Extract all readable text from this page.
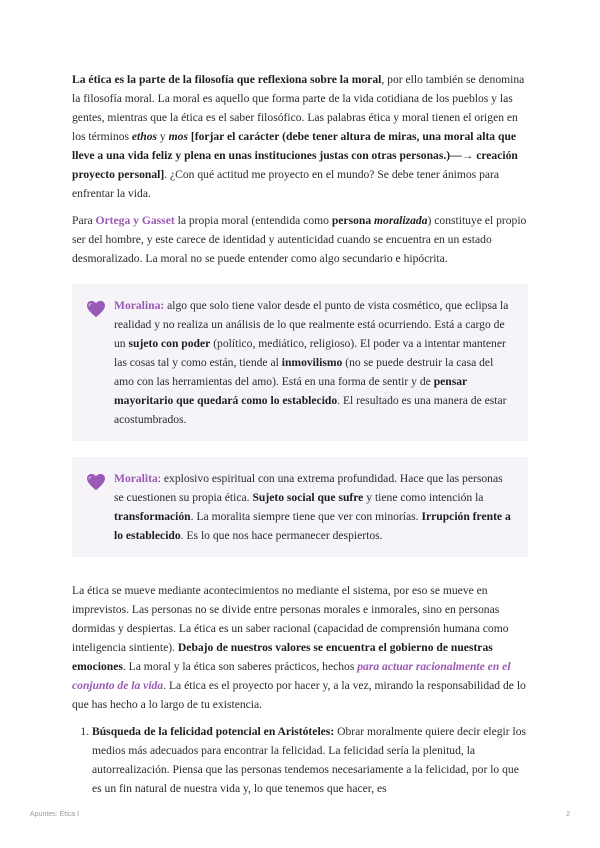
La ética es la parte de la filosofía que reflexiona sobre la moral, por ello también se denomina la filosofía moral. La moral es aquello que forma parte de la vida cotidiana de los pueblos y las gentes, mientras que la ética es el saber filosófico. Las palabras ética y moral tienen el origen en los términos ethos y mos [forjar el carácter (debe tener altura de miras, una moral alta que lleve a una vida feliz y plena en unas instituciones justas con otras personas.)—→ creación proyecto personal]. ¿Con qué actitud me proyecto en el mundo? Se debe tener ánimos para enfrentar la vida.

Para Ortega y Gasset la propia moral (entendida como persona moralizada) constituye el propio ser del hombre, y este carece de identidad y autenticidad cuando se encuentra en un estado desmoralizado. La moral no se puede entender como algo secundario e hipócrita.

Moralina: algo que solo tiene valor desde el punto de vista cosmético, que eclipsa la realidad y no realiza un análisis de lo que realmente está ocurriendo. Está a cargo de un sujeto con poder (político, mediático, religioso). El poder va a intentar mantener las cosas tal y como están, tiende al inmovilismo (no se puede destruir la casa del amo con las herramientas del amo). Está en una forma de sentir y de pensar mayoritario que quedará como lo establecido. El resultado es una manera de estar acostumbrados.
Moralita: explosivo espiritual con una extrema profundidad. Hace que las personas se cuestionen su propia ética. Sujeto social que sufre y tiene como intención la transformación. La moralita siempre tiene que ver con minorías. Irrupción frente a lo establecido. Es lo que nos hace permanecer despiertos.

La ética se mueve mediante acontecimientos no mediante el sistema, por eso se mueve en imprevistos. Las personas no se divide entre personas morales e inmorales, sino en personas dormidas y despiertas. La ética es un saber racional (capacidad de comprensión humana como inteligencia sintiente). Debajo de nuestros valores se encuentra el gobierno de nuestras emociones. La moral y la ética son saberes prácticos, hechos para actuar racionalmente en el conjunto de la vida. La ética es el proyecto por hacer y, a la vez, mirando la responsabilidad de lo que has hecho a lo largo de tu existencia.

1. Búsqueda de la felicidad potencial en Aristóteles: Obrar moralmente quiere decir elegir los medios más adecuados para encontrar la felicidad. La felicidad sería la plenitud, la autorrealización. Piensa que las personas tendemos necesariamente a la felicidad, por lo que es un fin natural de nuestra vida y, lo que tenemos que hacer, es
Apuntes: Ética I	2
